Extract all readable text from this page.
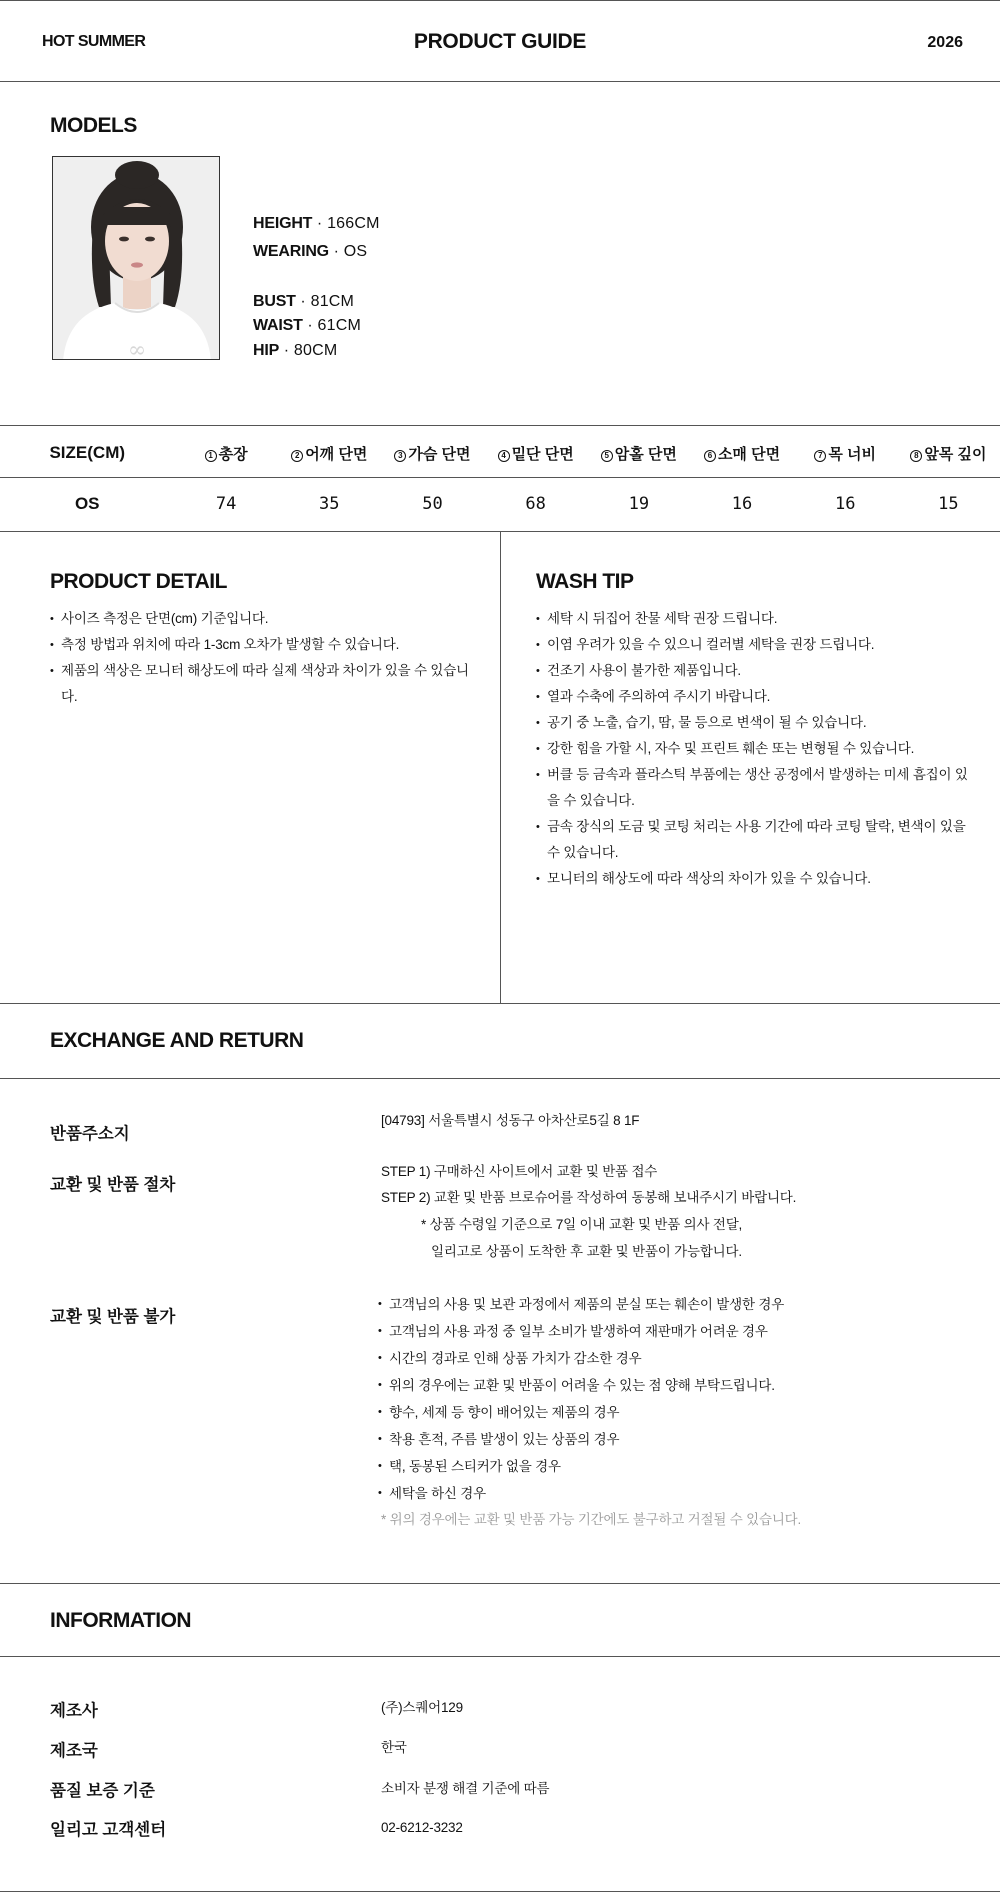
HOT SUMMER	PRODUCT GUIDE	2026
MODELS
∞
HEIGHT · 166CM
WEARING · OS
BUST · 81CM
WAIST · 61CM
HIP · 80CM
SIZE(CM)	1 총장	2 어깨 단면	3 가슴 단면	4 밑단 단면	5 암홀 단면	6 소매 단면	7 목 너비	8 앞목 깊이
OS	74	35	50	68	19	16	16	15
PRODUCT DETAIL
• 사이즈 측정은 단면(cm) 기준입니다.
• 측정 방법과 위치에 따라 1-3cm 오차가 발생할 수 있습니다.
• 제품의 색상은 모니터 해상도에 따라 실제 색상과 차이가 있을 수 있습니다.
WASH TIP
• 세탁 시 뒤집어 찬물 세탁 권장 드립니다.
• 이염 우려가 있을 수 있으니 컬러별 세탁을 권장 드립니다.
• 건조기 사용이 불가한 제품입니다.
• 열과 수축에 주의하여 주시기 바랍니다.
• 공기 중 노출, 습기, 땀, 물 등으로 변색이 될 수 있습니다.
• 강한 힘을 가할 시, 자수 및 프린트 훼손 또는 변형될 수 있습니다.
• 버클 등 금속과 플라스틱 부품에는 생산 공정에서 발생하는 미세 흠집이 있을 수 있습니다.
• 금속 장식의 도금 및 코팅 처리는 사용 기간에 따라 코팅 탈락, 변색이 있을 수 있습니다.
• 모니터의 해상도에 따라 색상의 차이가 있을 수 있습니다.
EXCHANGE AND RETURN
반품주소지
[04793] 서울특별시 성동구 아차산로5길 8 1F
교환 및 반품 절차
STEP 1) 구매하신 사이트에서 교환 및 반품 접수
STEP 2) 교환 및 반품 브로슈어를 작성하여 동봉해 보내주시기 바랍니다.
* 상품 수령일 기준으로 7일 이내 교환 및 반품 의사 전달,
일리고로 상품이 도착한 후 교환 및 반품이 가능합니다.
교환 및 반품 불가
• 고객님의 사용 및 보관 과정에서 제품의 분실 또는 훼손이 발생한 경우
• 고객님의 사용 과정 중 일부 소비가 발생하여 재판매가 어려운 경우
• 시간의 경과로 인해 상품 가치가 감소한 경우
• 위의 경우에는 교환 및 반품이 어려울 수 있는 점 양해 부탁드립니다.
• 향수, 세제 등 향이 배어있는 제품의 경우
• 착용 흔적, 주름 발생이 있는 상품의 경우
• 택, 동봉된 스티커가 없을 경우
• 세탁을 하신 경우
* 위의 경우에는 교환 및 반품 가능 기간에도 불구하고 거절될 수 있습니다.
INFORMATION
제조사	(주)스퀘어129
제조국	한국
품질 보증 기준	소비자 분쟁 해결 기준에 따름
일리고 고객센터	02-6212-3232
